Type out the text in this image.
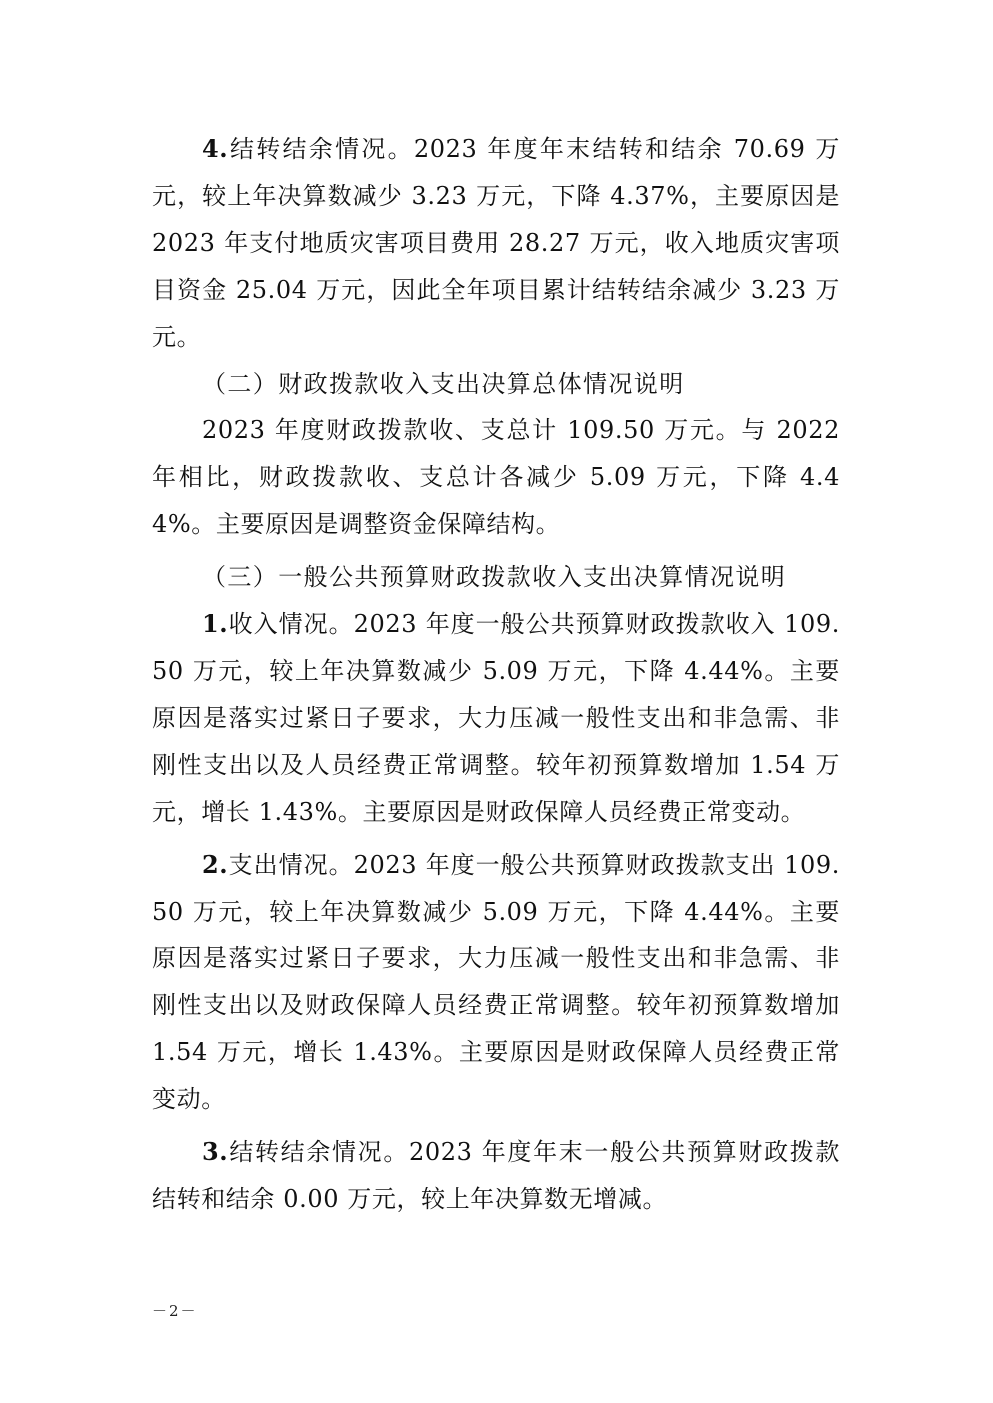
4.结转结余情况。2023 年度年末结转和结余 70.69 万元，较上年决算数减少 3.23 万元，下降 4.37%，主要原因是 2023 年支付地质灾害项目费用 28.27 万元，收入地质灾害项目资金 25.04 万元，因此全年项目累计结转结余减少 3.23 万元。

（二）财政拨款收入支出决算总体情况说明

2023 年度财政拨款收、支总计 109.50 万元。与 2022 年相比，财政拨款收、支总计各减少 5.09 万元，下降 4.44%。主要原因是调整资金保障结构。

（三）一般公共预算财政拨款收入支出决算情况说明

1.收入情况。2023 年度一般公共预算财政拨款收入 109.50 万元，较上年决算数减少 5.09 万元，下降 4.44%。主要原因是落实过紧日子要求，大力压减一般性支出和非急需、非刚性支出以及人员经费正常调整。较年初预算数增加 1.54 万元，增长 1.43%。主要原因是财政保障人员经费正常变动。

2.支出情况。2023 年度一般公共预算财政拨款支出 109.50 万元，较上年决算数减少 5.09 万元，下降 4.44%。主要原因是落实过紧日子要求，大力压减一般性支出和非急需、非刚性支出以及财政保障人员经费正常调整。较年初预算数增加 1.54 万元，增长 1.43%。主要原因是财政保障人员经费正常变动。

3.结转结余情况。2023 年度年末一般公共预算财政拨款结转和结余 0.00 万元，较上年决算数无增减。

－2－
